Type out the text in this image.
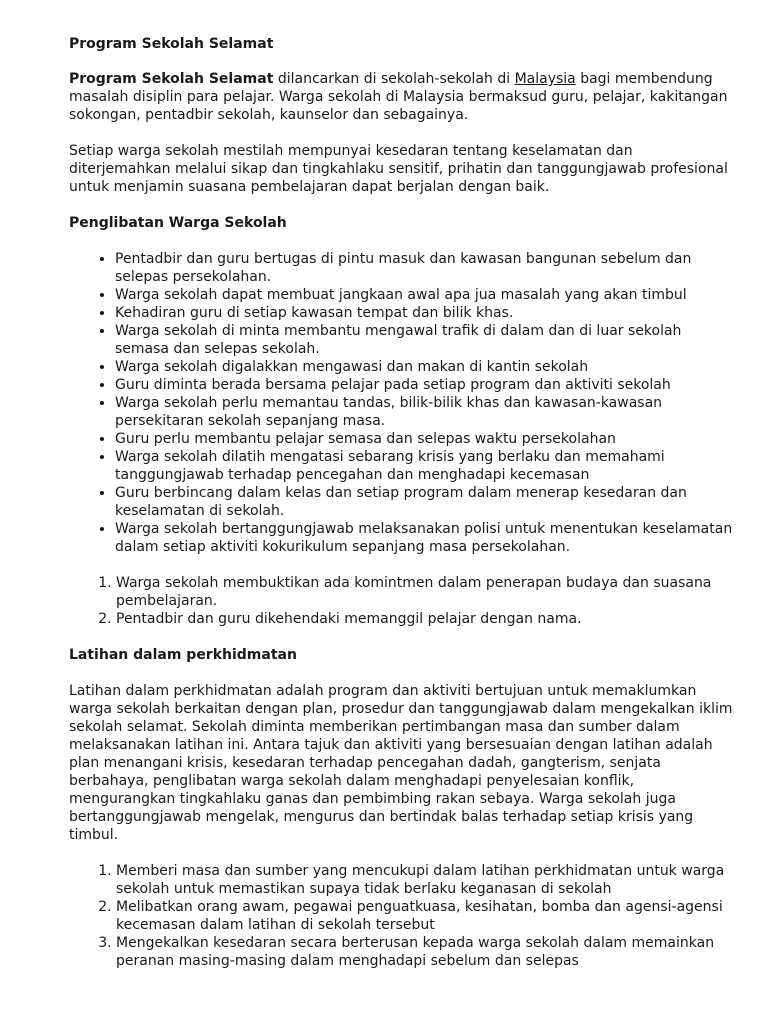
Program Sekolah Selamat

Program Sekolah Selamat dilancarkan di sekolah-sekolah di Malaysia bagi membendung masalah disiplin para pelajar. Warga sekolah di Malaysia bermaksud guru, pelajar, kakitangan sokongan, pentadbir sekolah, kaunselor dan sebagainya.

Setiap warga sekolah mestilah mempunyai kesedaran tentang keselamatan dan diterjemahkan melalui sikap dan tingkahlaku sensitif, prihatin dan tanggungjawab profesional untuk menjamin suasana pembelajaran dapat berjalan dengan baik.

Penglibatan Warga Sekolah
• Pentadbir dan guru bertugas di pintu masuk dan kawasan bangunan sebelum dan selepas persekolahan.
• Warga sekolah dapat membuat jangkaan awal apa jua masalah yang akan timbul
• Kehadiran guru di setiap kawasan tempat dan bilik khas.
• Warga sekolah di minta membantu mengawal trafik di dalam dan di luar sekolah semasa dan selepas sekolah.
• Warga sekolah digalakkan mengawasi dan makan di kantin sekolah
• Guru diminta berada bersama pelajar pada setiap program dan aktiviti sekolah
• Warga sekolah perlu memantau tandas, bilik-bilik khas dan kawasan-kawasan persekitaran sekolah sepanjang masa.
• Guru perlu membantu pelajar semasa dan selepas waktu persekolahan
• Warga sekolah dilatih mengatasi sebarang krisis yang berlaku dan memahami tanggungjawab terhadap pencegahan dan menghadapi kecemasan
• Guru berbincang dalam kelas dan setiap program dalam menerap kesedaran dan keselamatan di sekolah.
• Warga sekolah bertanggungjawab melaksanakan polisi untuk menentukan keselamatan dalam setiap aktiviti kokurikulum sepanjang masa persekolahan.
1. Warga sekolah membuktikan ada komintmen dalam penerapan budaya dan suasana pembelajaran.
2. Pentadbir dan guru dikehendaki memanggil pelajar dengan nama.
Latihan dalam perkhidmatan

Latihan dalam perkhidmatan adalah program dan aktiviti bertujuan untuk memaklumkan warga sekolah berkaitan dengan plan, prosedur dan tanggungjawab dalam mengekalkan iklim sekolah selamat. Sekolah diminta memberikan pertimbangan masa dan sumber dalam melaksanakan latihan ini. Antara tajuk dan aktiviti yang bersesuaian dengan latihan adalah plan menangani krisis, kesedaran terhadap pencegahan dadah, gangterism, senjata berbahaya, penglibatan warga sekolah dalam menghadapi penyelesaian konflik, mengurangkan tingkahlaku ganas dan pembimbing rakan sebaya. Warga sekolah juga bertanggungjawab mengelak, mengurus dan bertindak balas terhadap setiap krisis yang timbul.

1. Memberi masa dan sumber yang mencukupi dalam latihan perkhidmatan untuk warga sekolah untuk memastikan supaya tidak berlaku keganasan di sekolah
2. Melibatkan orang awam, pegawai penguatkuasa, kesihatan, bomba dan agensi-agensi kecemasan dalam latihan di sekolah tersebut
3. Mengekalkan kesedaran secara berterusan kepada warga sekolah dalam memainkan peranan masing-masing dalam menghadapi sebelum dan selepas
